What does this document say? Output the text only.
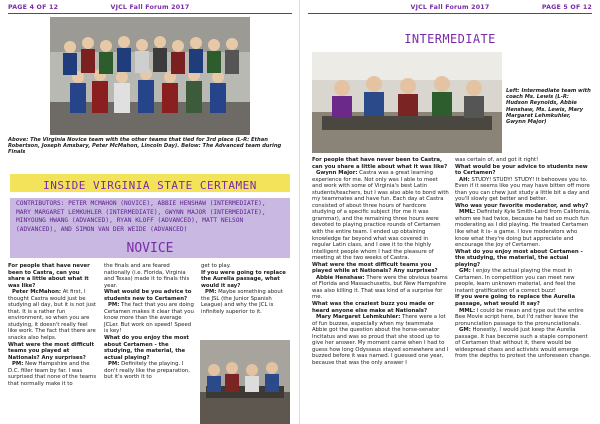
PAGE 4 OF 12	VJCL Fall Forum 2017
Above: The Virginia Novice team with the other teams that tied for 3rd place (L-R: Ethan Robertson, Joseph Amsbary, Peter McMahon, Lincoln Day). Below: The Advanced team during Finals
INSIDE VIRGINIA STATE CERTAMEN
CONTRIBUTORS: PETER MCMAHON (NOVICE), ABBIE HENSHAW (INTERMEDIATE), MARY MARGARET LEMKUHLER (INTERMEDIATE), GWYNN MAJOR (INTERMEDIATE), MINYOUNG HWANG (ADVANCED), RYAN KLOFF (ADVANCED), MATT NELSON (ADVANCED), AND SIMON VAN DER WEIDE (ADVANCED)
NOVICE

For people that have never been to Castra, can you share a little about what it was like?

Peter McMahon: At first, I thought Castra would just be studying all day, but it is not just that. It is a rather fun environment, so when you are studying, it doesn't really feel like work. The fact that there are snacks also helps.

What were the most difficult teams you played at Nationals? Any surprises?

PM: New Hampshire and the D.C. filler team by far. I was surprised that none of the teams that normally make it to

the finals and are feared nationally (i.e. Florida, Virginia and Texas) made it to finals this year.

What would be you advice to students new to Certamen?

PM: The fact that you are doing Certamen makes it clear that you know more than the average JCLer. But work on speed! Speed is key!

What do you enjoy the most about Certamen - the studying, the material, the actual playing?

PM: Definitely the playing. I don't really like the preparation, but it's worth it to

get to play.

If you were going to replace the Aurelia passage, what would it say?

PM: Maybe something about the JSL (the Junior Spanish League) and why the JCL is infinitely superior to it.

VJCL Fall Forum 2017	PAGE 5 OF 12
INTERMEDIATE
Left: Intermediate team with coach Ms. Lewis (L-R: Hudson Reynolds, Abbie Henshaw, Ms. Lewis, Mary Margaret Lehmkuhler, Gwynn Major)

For people that have never been to Castra, can you share a little about what it was like?

Gwynn Major: Castra was a great learning experience for me. Not only was I able to meet and work with some of Virginia's best Latin students/teachers, but I was also able to bond with my teammates and have fun. Each day at Castra consisted of about three hours of hardcore studying of a specific subject (for me it was grammar), and the remaining three hours were devoted to playing practice rounds of Certamen with the entire team. I ended up obtaining knowledge far beyond what was covered in regular Latin class, and I owe it to the highly intelligent people whom I had the pleasure of meeting at the two weeks of Castra.

What were the most difficult teams you played while at Nationals? Any surprises?

Abbie Henshaw: There were the obvious teams of Florida and Massachusetts, but New Hampshire was also killing it. That was kind of a surprise for me.

What was the craziest buzz you made or heard anyone else make at Nationals?

Mary Margaret Lehmkuhler: There were a lot of fun buzzes, especially when my teammate Abbie got the question about the horse-senator Incitatus and was so proud that she stood up to give her answer. My moment came when I had to guess how long Odysseus stayed somewhere and I buzzed before it was named. I guessed one year, because that was the only answer I

was certain of, and got it right!

What would be your advice to students new to Certamen?

AH: STUDY! STUDY! STUDY! It behooves you to. Even if it seems like you may have bitten off more than you can chew just study a little bit a day and you'll slowly get better and better.

Who was your favorite moderator, and why?

MML: Definitely Kyle Smith-Laird from California, whom we had twice, because he had so much fun moderating as I did playing. He treated Certamen like what it is- a game. I love moderators who know what they're doing but appreciate and encourage the joy of Certamen.

What do you enjoy most about Certamen - the studying, the material, the actual playing?

GM: I enjoy the actual playing the most in Certamen. In competition you can meet new people, learn unknown material, and feel the instant gratification of a correct buzz!

If you were going to replace the Aurelia passage, what would it say?

MML: I could be mean and type out the entire Bee Movie script here, but I'd rather leave the pronunciation passage to the pronunciationals.

GM: Honestly, I would just keep the Aurelia passage. It has become such a staple component of Certamen that without it, there would be widespread chaos and activists would emerge from the depths to protest the unforeseen change.
